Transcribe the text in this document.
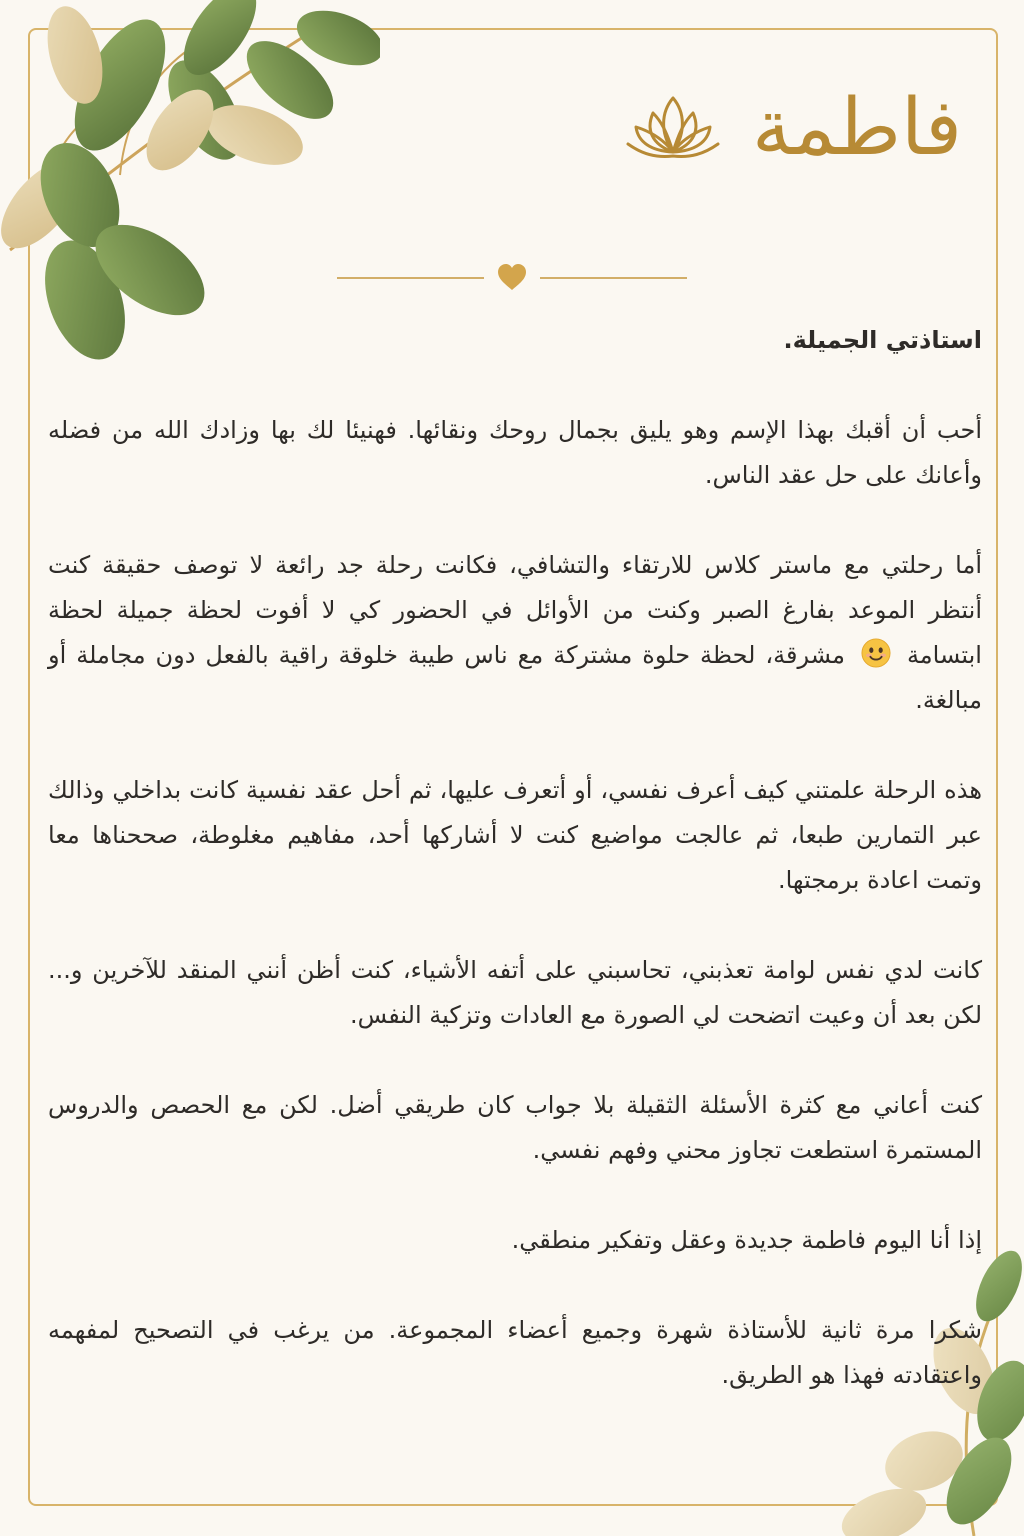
فاطمة

استاذتي الجميلة.

أحب أن أقبك بهذا الإسم وهو يليق بجمال روحك ونقائها. فهنيئا لك بها وزادك الله من فضله وأعانك على حل عقد الناس.

أما رحلتي مع ماستر كلاس للارتقاء والتشافي، فكانت رحلة جد رائعة لا توصف حقيقة كنت أنتظر الموعد بفارغ الصبر وكنت من الأوائل في الحضور كي لا أفوت لحظة جميلة لحظة ابتسامة  مشرقة، لحظة حلوة مشتركة مع ناس طيبة خلوقة راقية بالفعل دون مجاملة أو مبالغة.

هذه الرحلة علمتني كيف أعرف نفسي، أو أتعرف عليها، ثم أحل عقد نفسية كانت بداخلي وذالك عبر التمارين طبعا، ثم عالجت مواضيع كنت لا أشاركها أحد، مفاهيم مغلوطة، صححناها معا وتمت اعادة برمجتها.

كانت لدي نفس لوامة تعذبني، تحاسبني على أتفه الأشياء، كنت أظن أنني المنقد للآخرين و... لكن بعد أن وعيت اتضحت لي الصورة مع العادات وتزكية النفس.

كنت أعاني مع كثرة الأسئلة الثقيلة بلا جواب كان طريقي أضل. لكن مع الحصص والدروس المستمرة استطعت تجاوز محني وفهم نفسي.

إذا أنا اليوم فاطمة جديدة وعقل وتفكير منطقي.

شكرا مرة ثانية للأستاذة شهرة وجميع أعضاء المجموعة. من يرغب في التصحيح لمفهمه واعتقادته فهذا هو الطريق.
